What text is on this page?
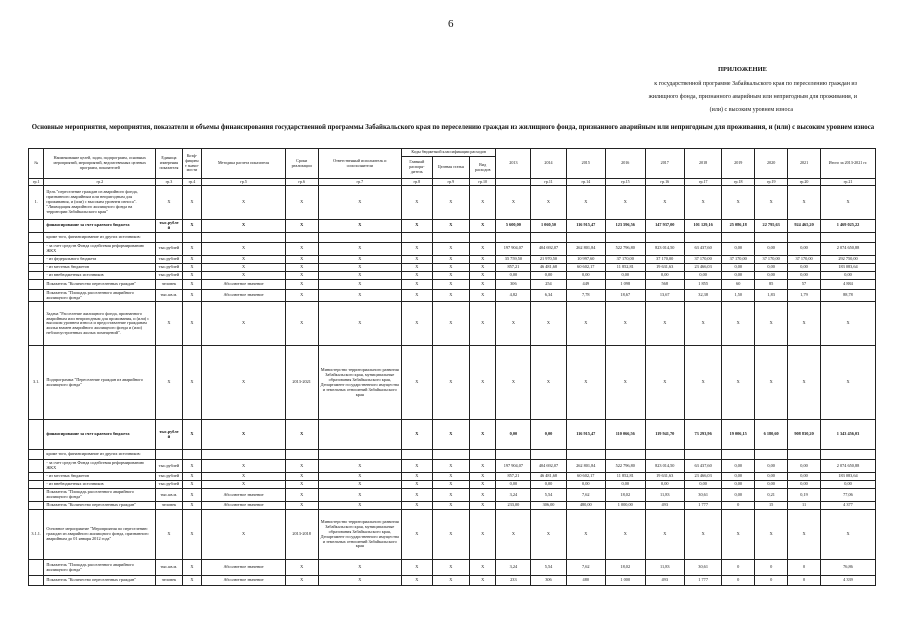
6
ПРИЛОЖЕНИЕ
к государственной программе Забайкальского края по переселению граждан из
жилищного фонда, признанного аварийным или непригодным для проживания, и
(или) с высоким уровнем износа
Основные мероприятия, мероприятия, показатели и объемы финансирования государственной программы Забайкальского края по переселению граждан из жилищного фонда, признанного аварийным или непригодным для проживания, и (или) с высоким уровнем износа
№	Наименование целей, задач, подпрограмм, основных мероприятий, мероприятий, ведомственных целевых программ, показателей	Единица измерения показателя	Коэф-фициент значи-мости	Методика расчета показателя	Сроки реализации	Ответственный исполнитель и соисполнители	Коды бюджетной классификации расходов			2013	2014	2015	2016	2017	2018	2019	2020	2021	Итого за 2013-2021 гг.
							Главный распоря-дитель	Целевая статья	Вид расходов										
гр.1	гр.2	гр.3	гр.4	гр.5	гр.6	гр.7	гр.8	гр.9	гр.10		гр.11	гр.14	гр.15	гр.16	гр.17	гр.18	гр.19	гр.20	гр.21
1.	Цель "переселение граждан из аварийного фонда, признанного аварийным или непригодным для проживания, и (или) с высоким уровнем износа". "Ликвидация аварийного жилищного фонда на территории Забайкальского края"	X	X	X	X	X	X	X	X	X	X	X	X	X	X	X	X	X	X
	финансирование за счет краевого бюджета	тыс.рублей	X	X	X	X	X	X	X	5 600,00	1 060,50	116 915,47	123 596,56	147 937,00	101 129,16	25 086,18	22 795,63	924 465,20	1 469 025,22
	кроме того, финансирование из других источников:																		
	- за счет средств Фонда содействия реформированию ЖКХ	тыс.рублей	X	X	X	X	X	X	X	197 904,07	404 692,07	262 801,84	522 796,80	823 014,50	63 437,60	0,00	0,00	0,00	2 074 650,88
	- из федерального бюджета	тыс.рублей	X	X	X	X	X	X	X	35 759,50	21 970,50	10 997,60	37 170,00	37 170,00	37 170,00	37 170,00	37 170,00	37 170,00	292 750,00
	- из местных бюджетов	тыс.рублей	X	X	X	X	X	X	X	857,21	46 481,68	60 602,17	11 852,81	19 631,63	23 466,03	0,00	0,00	0,00	183 083,64
	- из внебюджетных источников	тыс.рублей	X	X	X	X	X	X	X	0,00	0,00	0,00	0,00	0,00	0,00	0,00	0,00	0,00	0,00
	Показатель "Количество переселенных граждан"	человек	X	Абсолютное значение	X	X	X	X	X	306	254	449	1 098	568	1 855	60	85	57	4 884
	Показатель "Площадь расселенного аварийного жилищного фонда"	тыс.кв.м.	X	Абсолютное значение	X	X	X	X	X	4,82	6,34	7,78	18,67	13,67	32,38	1,50	1,83	1,79	88,78
	Задача "Расселение жилищного фонда, признанного аварийным или непригодным для проживания, и (или) с высоким уровнем износа и предоставление гражданам жилья взамен аварийного жилищного фонда и (или) неблагоустроенных жилых помещений".	X	X	X	X	X	X	X	X	X	X	X	X	X	X	X	X	X	X
3.1.	Подпрограмма "Переселение граждан из аварийного жилищного фонда"	X	X	X	2013-2021	Министерство территориального развития Забайкальского края, муниципальные образования Забайкальского края, Департамент государственного имущества и земельных отношений Забайкальского края	X	X	X	X	X	X	X	X	X	X	X	X	X
	финансирование за счет краевого бюджета	тыс.рублей	X	X	X		X	X	X	0,00	0,00	116 915,47	110 066,56	119 941,70	73 293,96	19 006,15	6 180,60	908 830,20	1 343 456,03
	кроме того, финансирование из других источников:																		
	- за счет средств Фонда содействия реформированию ЖКХ	тыс.рублей	X	X	X	X	X	X	X	197 904,07	404 692,07	262 801,84	522 796,80	823 014,50	63 437,60	0,00	0,00	0,00	2 074 650,88
	- из местных бюджетов	тыс.рублей	X	X	X	X	X	X	X	857,21	46 481,68	60 602,17	11 852,81	19 631,63	23 466,03	0,00	0,00	0,00	183 083,64
	- из внебюджетных источников	тыс.рублей	X	X	X	X	X	X	X	0,00	0,00	0,00	0,00	0,00	0,00	0,00	0,00	0,00	0,00
	Показатель "Площадь расселенного аварийного жилищного фонда"	тыс.кв.м.	X	Абсолютное значение	X	X	X	X	X	3,24	5,54	7,62	18,02	11,83	30,61	0,00	0,21	0,19	77,06
	Показатель "Количество переселенных граждан"	человек	X	Абсолютное значение	X	X	X	X	X	233,00	306,00	480,00	1 000,00	493	1 777	0	15	11	4 377
3.1.1.	Основное мероприятие "Мероприятия по переселению граждан из аварийного жилищного фонда, признанного аварийным до 01 января 2012 года"	X	X	X	2013-2018	Министерство территориального развития Забайкальского края, муниципальные образования Забайкальского края, Департамент государственного имущества и земельных отношений Забайкальского края	X	X	X	X	X	X	X	X	X	X	X	X	X
	Показатель "Площадь расселенного аварийного жилищного фонда"	тыс.кв.м.	X	Абсолютное значение	X	X	X	X	X	3,24	5,54	7,62	18,02	11,83	30,61	0	0	0	76,86
	Показатель "Количество переселенных граждан"	человек	X	Абсолютное значение	X	X	X	X	X	233	306	480	1 000	493	1 777	0	0	0	4 339
